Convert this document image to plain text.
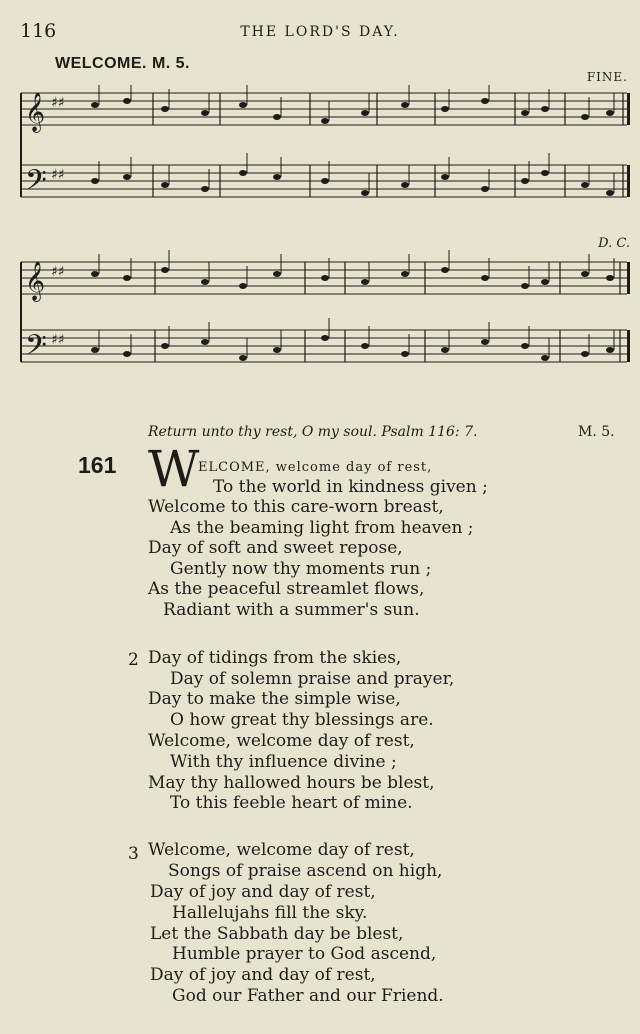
116	THE LORD'S DAY.
WELCOME. M. 5.
FINE.
D. C.
𝄞 ♯♯
𝄢 ♯♯
𝄞 ♯♯
𝄢 ♯♯
Return unto thy rest, O my soul. Psalm 116: 7.	M. 5.
161 W
ELCOME, welcome day of rest,
To the world in kindness given ;
Welcome to this care-worn breast,
As the beaming light from heaven ;
Day of soft and sweet repose,
Gently now thy moments run ;
As the peaceful streamlet flows,
Radiant with a summer's sun.
2 Day of tidings from the skies,
Day of solemn praise and prayer,
Day to make the simple wise,
O how great thy blessings are.
Welcome, welcome day of rest,
With thy influence divine ;
May thy hallowed hours be blest,
To this feeble heart of mine.
3 Welcome, welcome day of rest,
Songs of praise ascend on high,
Day of joy and day of rest,
Hallelujahs fill the sky.
Let the Sabbath day be blest,
Humble prayer to God ascend,
Day of joy and day of rest,
God our Father and our Friend.
